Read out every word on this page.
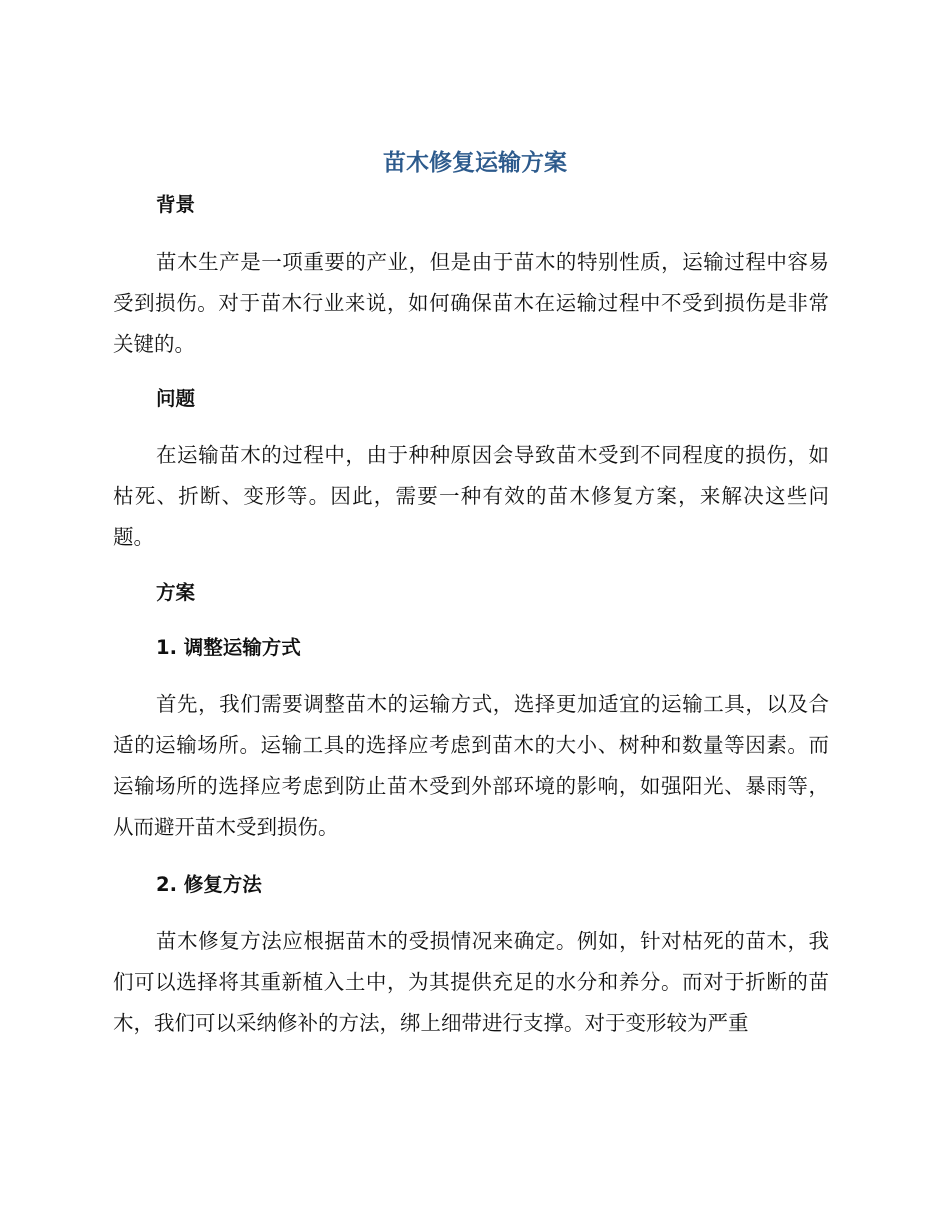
苗木修复运输方案
背景

苗木生产是一项重要的产业，但是由于苗木的特别性质，运输过程中容易受到损伤。对于苗木行业来说，如何确保苗木在运输过程中不受到损伤是非常关键的。

问题

在运输苗木的过程中，由于种种原因会导致苗木受到不同程度的损伤，如枯死、折断、变形等。因此，需要一种有效的苗木修复方案，来解决这些问题。

方案
1. 调整运输方式

首先，我们需要调整苗木的运输方式，选择更加适宜的运输工具，以及合适的运输场所。运输工具的选择应考虑到苗木的大小、树种和数量等因素。而运输场所的选择应考虑到防止苗木受到外部环境的影响，如强阳光、暴雨等，从而避开苗木受到损伤。

2. 修复方法

苗木修复方法应根据苗木的受损情况来确定。例如，针对枯死的苗木，我们可以选择将其重新植入土中，为其提供充足的水分和养分。而对于折断的苗木，我们可以采纳修补的方法，绑上细带进行支撑。对于变形较为严重
